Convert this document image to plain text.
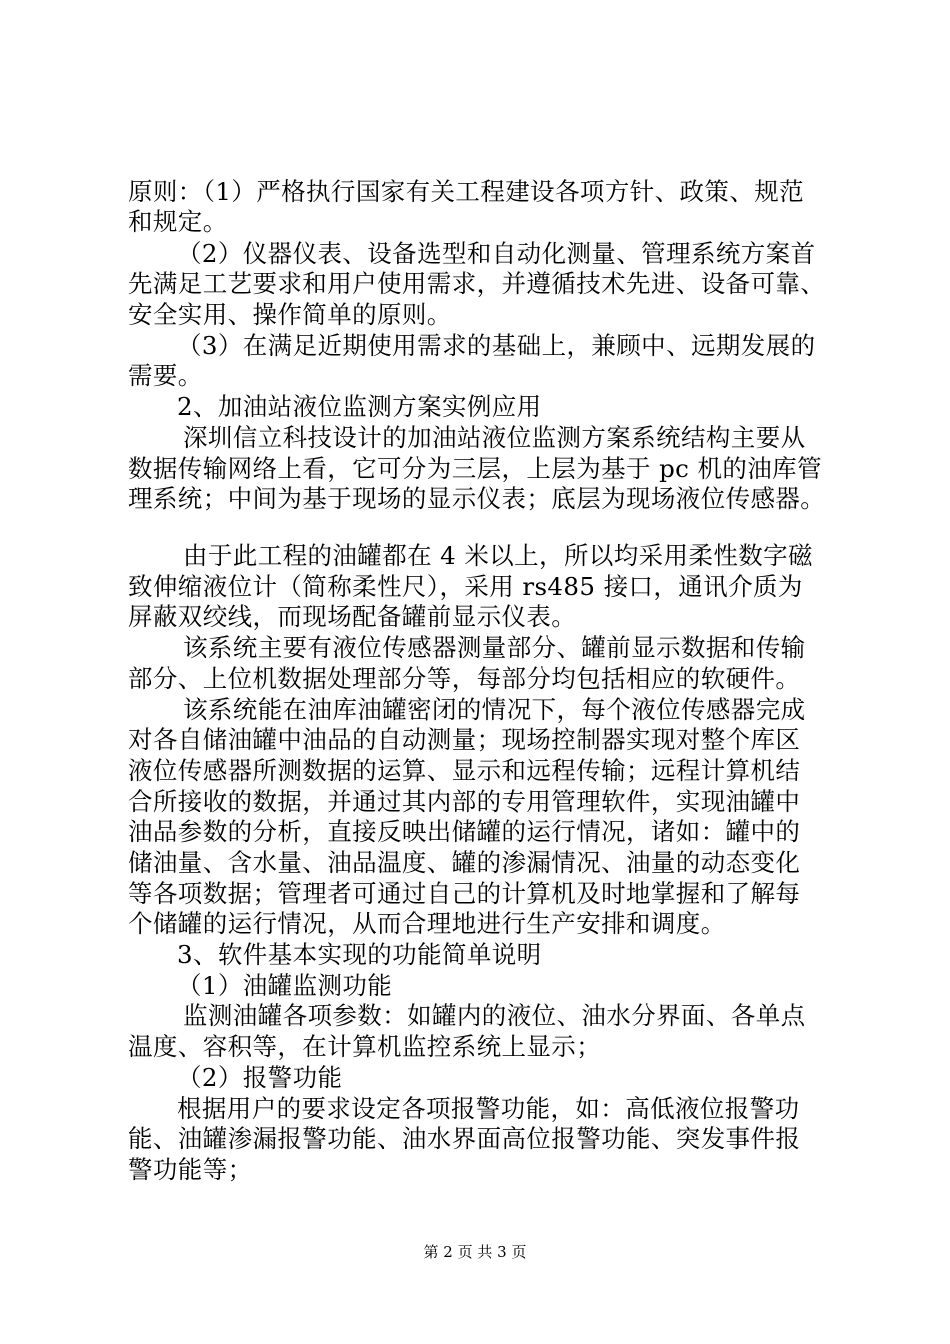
原则：（1）严格执行国家有关工程建设各项方针、政策、规范
和规定。
（2）仪器仪表、设备选型和自动化测量、管理系统方案首
先满足工艺要求和用户使用需求，并遵循技术先进、设备可靠、
安全实用、操作简单的原则。
（3）在满足近期使用需求的基础上，兼顾中、远期发展的
需要。
2、加油站液位监测方案实例应用
深圳信立科技设计的加油站液位监测方案系统结构主要从
数据传输网络上看，它可分为三层，上层为基于 pc 机的油库管
理系统；中间为基于现场的显示仪表；底层为现场液位传感器。
由于此工程的油罐都在 4 米以上，所以均采用柔性数字磁
致伸缩液位计（简称柔性尺），采用 rs485 接口，通讯介质为
屏蔽双绞线，而现场配备罐前显示仪表。
该系统主要有液位传感器测量部分、罐前显示数据和传输
部分、上位机数据处理部分等，每部分均包括相应的软硬件。
该系统能在油库油罐密闭的情况下，每个液位传感器完成
对各自储油罐中油品的自动测量；现场控制器实现对整个库区
液位传感器所测数据的运算、显示和远程传输；远程计算机结
合所接收的数据，并通过其内部的专用管理软件，实现油罐中
油品参数的分析，直接反映出储罐的运行情况，诸如：罐中的
储油量、含水量、油品温度、罐的渗漏情况、油量的动态变化
等各项数据；管理者可通过自己的计算机及时地掌握和了解每
个储罐的运行情况，从而合理地进行生产安排和调度。
3、软件基本实现的功能简单说明
（1）油罐监测功能
监测油罐各项参数：如罐内的液位、油水分界面、各单点
温度、容积等，在计算机监控系统上显示；
（2）报警功能
根据用户的要求设定各项报警功能，如：高低液位报警功
能、油罐渗漏报警功能、油水界面高位报警功能、突发事件报
警功能等；
第 2 页 共 3 页
